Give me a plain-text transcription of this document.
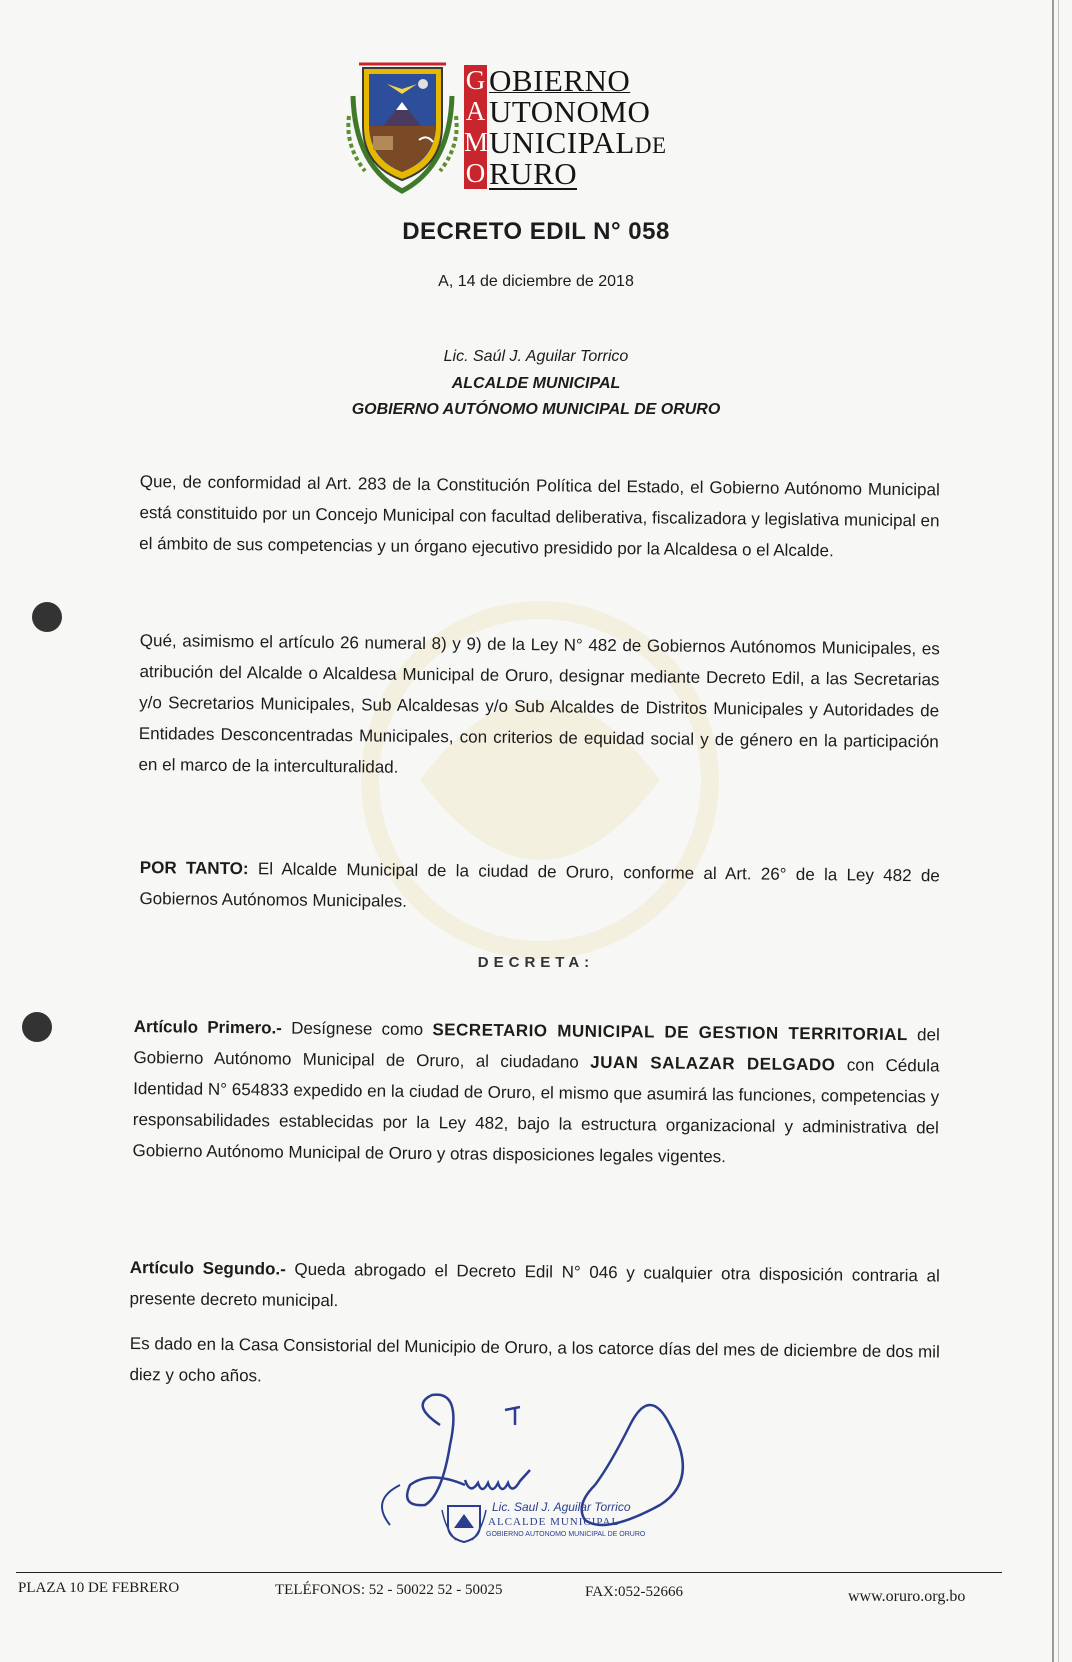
G
A
M
O
OBIERNO
UTONOMO
UNICIPALDE
RURO
DECRETO EDIL N° 058
A, 14 de diciembre de 2018
Lic. Saúl J. Aguilar Torrico
ALCALDE MUNICIPAL
GOBIERNO AUTÓNOMO MUNICIPAL DE ORURO

Que, de conformidad al Art. 283 de la Constitución Política del Estado, el Gobierno Autónomo Municipal está constituido por un Concejo Municipal con facultad deliberativa, fiscalizadora y legislativa municipal en el ámbito de sus competencias y un órgano ejecutivo presidido por la Alcaldesa o el Alcalde.

Qué, asimismo el artículo 26 numeral 8) y 9) de la Ley N° 482 de Gobiernos Autónomos Municipales, es atribución del Alcalde o Alcaldesa Municipal de Oruro, designar mediante Decreto Edil, a las Secretarias y/o Secretarios Municipales, Sub Alcaldesas y/o Sub Alcaldes de Distritos Municipales y Autoridades de Entidades Desconcentradas Municipales, con criterios de equidad social y de género en la participación en el marco de la interculturalidad.

POR TANTO: El Alcalde Municipal de la ciudad de Oruro, conforme al Art. 26° de la Ley 482 de Gobiernos Autónomos Municipales.

DECRETA:

Artículo Primero.- Desígnese como SECRETARIO MUNICIPAL DE GESTION TERRITORIAL del Gobierno Autónomo Municipal de Oruro, al ciudadano JUAN SALAZAR DELGADO con Cédula Identidad N° 654833 expedido en la ciudad de Oruro, el mismo que asumirá las funciones, competencias y responsabilidades establecidas por la Ley 482, bajo la estructura organizacional y administrativa del Gobierno Autónomo Municipal de Oruro y otras disposiciones legales vigentes.

Artículo Segundo.- Queda abrogado el Decreto Edil N° 046 y cualquier otra disposición contraria al presente decreto municipal.

Es dado en la Casa Consistorial del Municipio de Oruro, a los catorce días del mes de diciembre de dos mil diez y ocho años.

Lic. Saul J. Aguilar Torrico
ALCALDE MUNICIPAL
GOBIERNO AUTONOMO MUNICIPAL DE ORURO
PLAZA 10 DE FEBRERO	TELÉFONOS: 52 - 50022 52 - 50025	FAX:052-52666	www.oruro.org.bo
